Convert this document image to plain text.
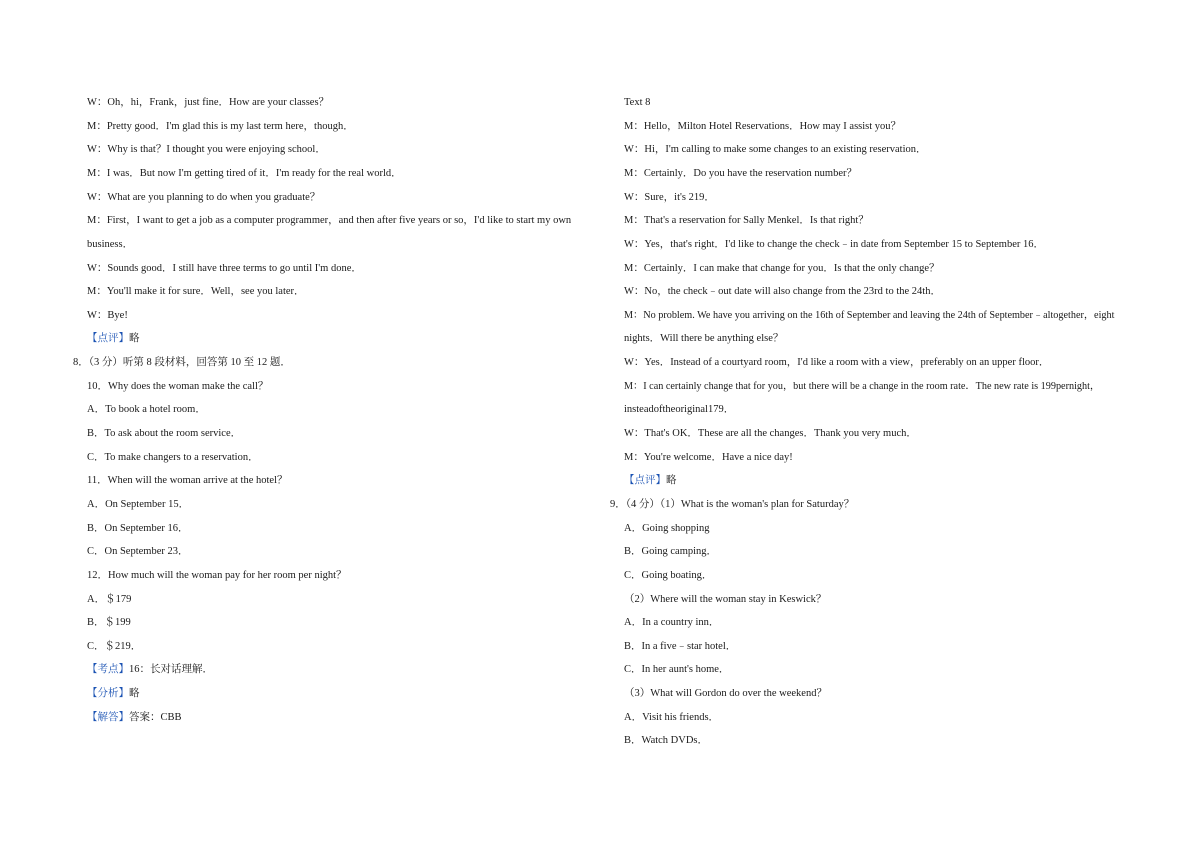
W：Oh，hi，Frank，just fine．How are your classes？
M：Pretty good．I'm glad this is my last term here，though．
W：Why is that？I thought you were enjoying school．
M：I was．But now I'm getting tired of it．I'm ready for the real world．
W：What are you planning to do when you graduate？
M：First，I want to get a job as a computer programmer，and then after five years or so，I'd like to start my own
business．
W：Sounds good．I still have three terms to go until I'm done．
M：You'll make it for sure．Well，see you later．
W：Bye!
【点评】略
8．（3 分）听第 8 段材料，回答第 10 至 12 题．
10．Why does the woman make the call？
A．To book a hotel room．
B．To ask about the room service．
C．To make changers to a reservation．
11．When will the woman arrive at the hotel？
A．On September 15．
B．On September 16．
C．On September 23．
12．How much will the woman pay for her room per night？
A．＄179
B．＄199
C．＄219．
【考点】16：长对话理解．
【分析】略
【解答】答案：CBB
Text 8
M：Hello，Milton Hotel Reservations．How may I assist you？
W：Hi，I'm calling to make some changes to an existing reservation．
M：Certainly．Do you have the reservation number？
W：Sure，it's 219．
M：That's a reservation for Sally Menkel．Is that right？
W：Yes，that's right．I'd like to change the check﹣in date from September 15 to September 16．
M：Certainly．I can make that change for you．Is that the only change？
W：No，the check﹣out date will also change from the 23rd to the 24th．
M：No problem. We have you arriving on the 16th of September and leaving the 24th of September﹣altogether，eight
nights．Will there be anything else？
W：Yes．Instead of a courtyard room，I'd like a room with a view，preferably on an upper floor．
M：I can certainly change that for you，but there will be a change in the room rate．The new rate is 199pernight，
insteadoftheoriginal179．
W：That's OK．These are all the changes．Thank you very much．
M：You're welcome．Have a nice day!
【点评】略
9．（4 分）（1）What is the woman's plan for Saturday？
A．Going shopping
B．Going camping．
C．Going boating．
（2）Where will the woman stay in Keswick？
A．In a country inn．
B．In a five﹣star hotel．
C．In her aunt's home．
（3）What will Gordon do over the weekend？
A．Visit his friends．
B．Watch DVDs．
